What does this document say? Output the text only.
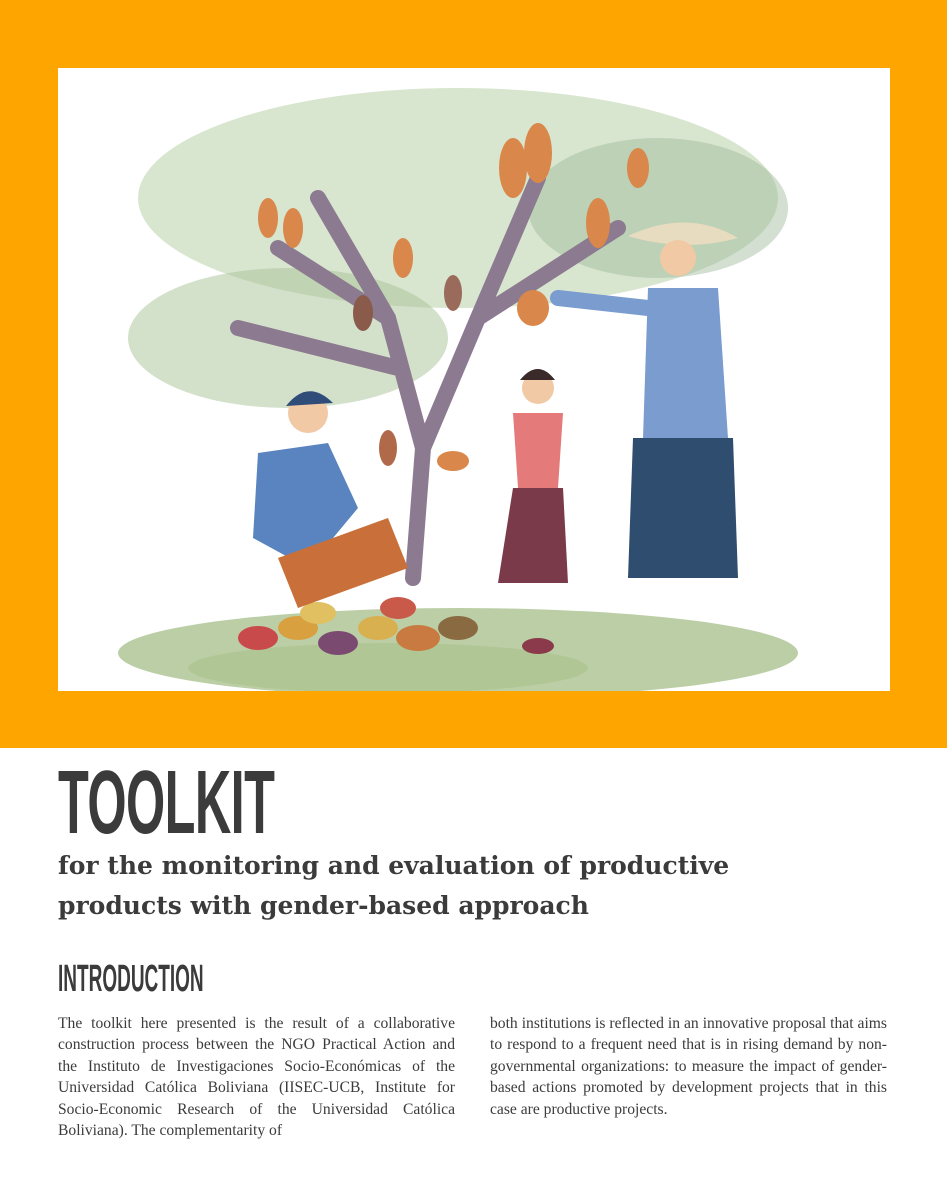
TOOLKIT
for the monitoring and evaluation of productive products with gender-based approach
INTRODUCTION

The toolkit here presented is the result of a collaborative construction process between the NGO Practical Action and the Instituto de Investigaciones Socio-Económicas of the Universidad Católica Boliviana (IISEC-UCB, Institute for Socio-Economic Research of the Universidad Católica Boliviana). The complementarity of

both institutions is reflected in an innovative proposal that aims to respond to a frequent need that is in rising demand by non-governmental organizations: to measure the impact of gender-based actions promoted by development projects that in this case are productive projects.
